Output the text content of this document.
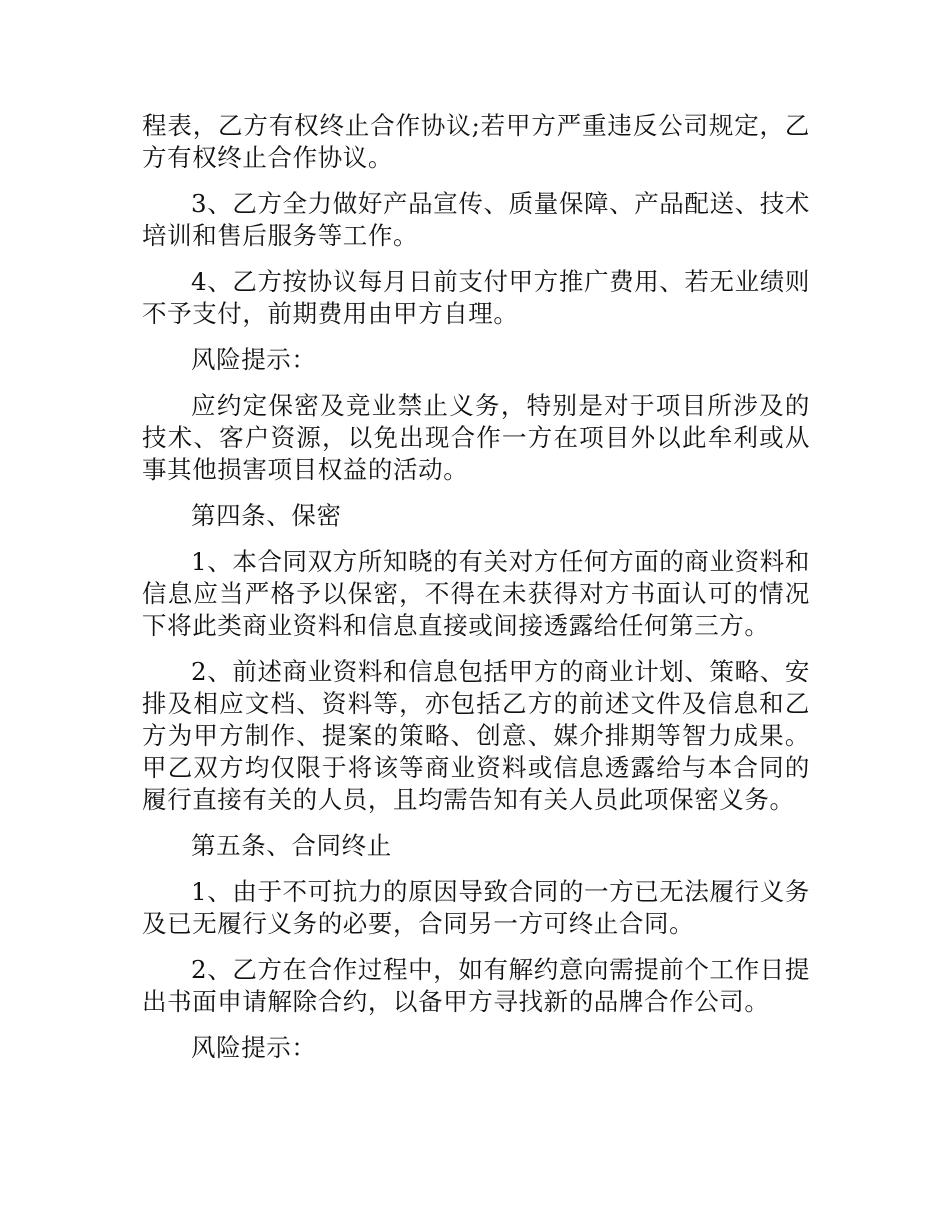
程表，乙方有权终止合作协议;若甲方严重违反公司规定，乙方有权终止合作协议。

3、乙方全力做好产品宣传、质量保障、产品配送、技术培训和售后服务等工作。

4、乙方按协议每月日前支付甲方推广费用、若无业绩则不予支付，前期费用由甲方自理。

风险提示：

应约定保密及竞业禁止义务，特别是对于项目所涉及的技术、客户资源，以免出现合作一方在项目外以此牟利或从事其他损害项目权益的活动。

第四条、保密

1、本合同双方所知晓的有关对方任何方面的商业资料和信息应当严格予以保密，不得在未获得对方书面认可的情况下将此类商业资料和信息直接或间接透露给任何第三方。

2、前述商业资料和信息包括甲方的商业计划、策略、安排及相应文档、资料等，亦包括乙方的前述文件及信息和乙方为甲方制作、提案的策略、创意、媒介排期等智力成果。甲乙双方均仅限于将该等商业资料或信息透露给与本合同的履行直接有关的人员，且均需告知有关人员此项保密义务。

第五条、合同终止

1、由于不可抗力的原因导致合同的一方已无法履行义务及已无履行义务的必要，合同另一方可终止合同。

2、乙方在合作过程中，如有解约意向需提前个工作日提出书面申请解除合约，以备甲方寻找新的品牌合作公司。

风险提示：
